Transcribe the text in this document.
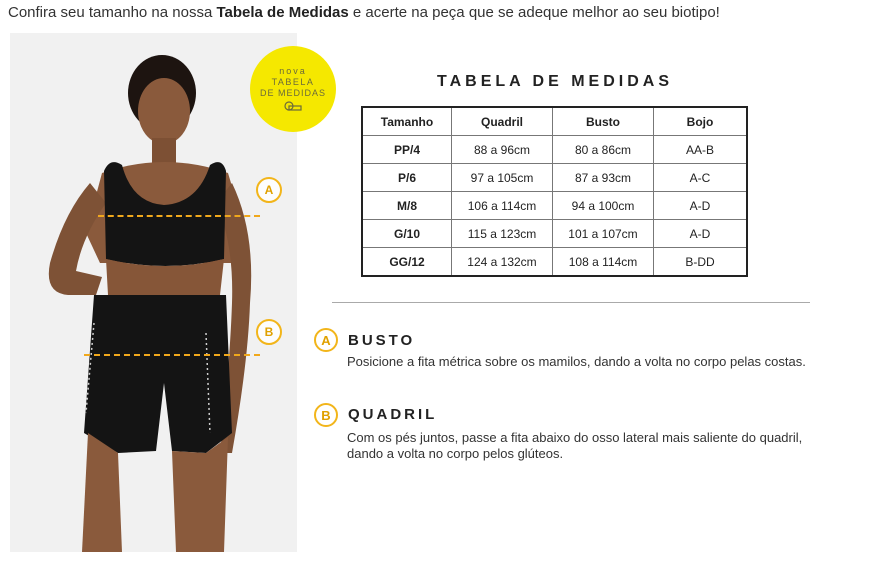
Confira seu tamanho na nossa Tabela de Medidas e acerte na peça que se adeque melhor ao seu biotipo!
A
B
nova
TABELA
DE MEDIDAS
TABELA DE MEDIDAS
Tamanho	Quadril	Busto	Bojo
PP/4	88 a 96cm	80 a 86cm	AA-B
P/6	97 a 105cm	87 a 93cm	A-C
M/8	106 a 114cm	94 a 100cm	A-D
G/10	115 a 123cm	101 a 107cm	A-D
GG/12	124 a 132cm	108 a 114cm	B-DD
A BUSTO
Posicione a fita métrica sobre os mamilos, dando a volta no corpo pelas costas.
B QUADRIL
Com os pés juntos, passe a fita abaixo do osso lateral mais saliente do quadril,
dando a volta no corpo pelos glúteos.
